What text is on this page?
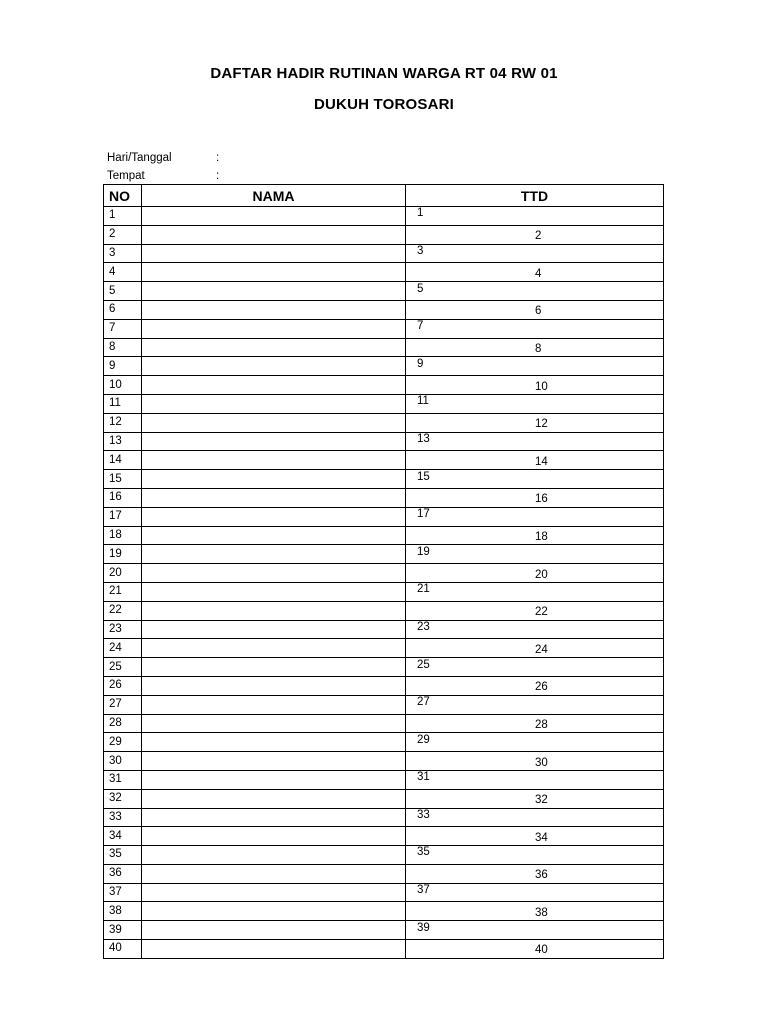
DAFTAR HADIR RUTINAN WARGA RT 04 RW 01
DUKUH TOROSARI
Hari/Tanggal	:
Tempat	:
NO	NAMA	TTD
1		1

2		2

3		3

4		4

5		5

6		6

7		7

8		8

9		9

10		10

11		11

12		12

13		13

14		14

15		15

16		16

17		17

18		18

19		19

20		20

21		21

22		22

23		23

24		24

25		25

26		26

27		27

28		28

29		29

30		30

31		31

32		32

33		33

34		34

35		35

36		36

37		37

38		38

39		39

40		40
